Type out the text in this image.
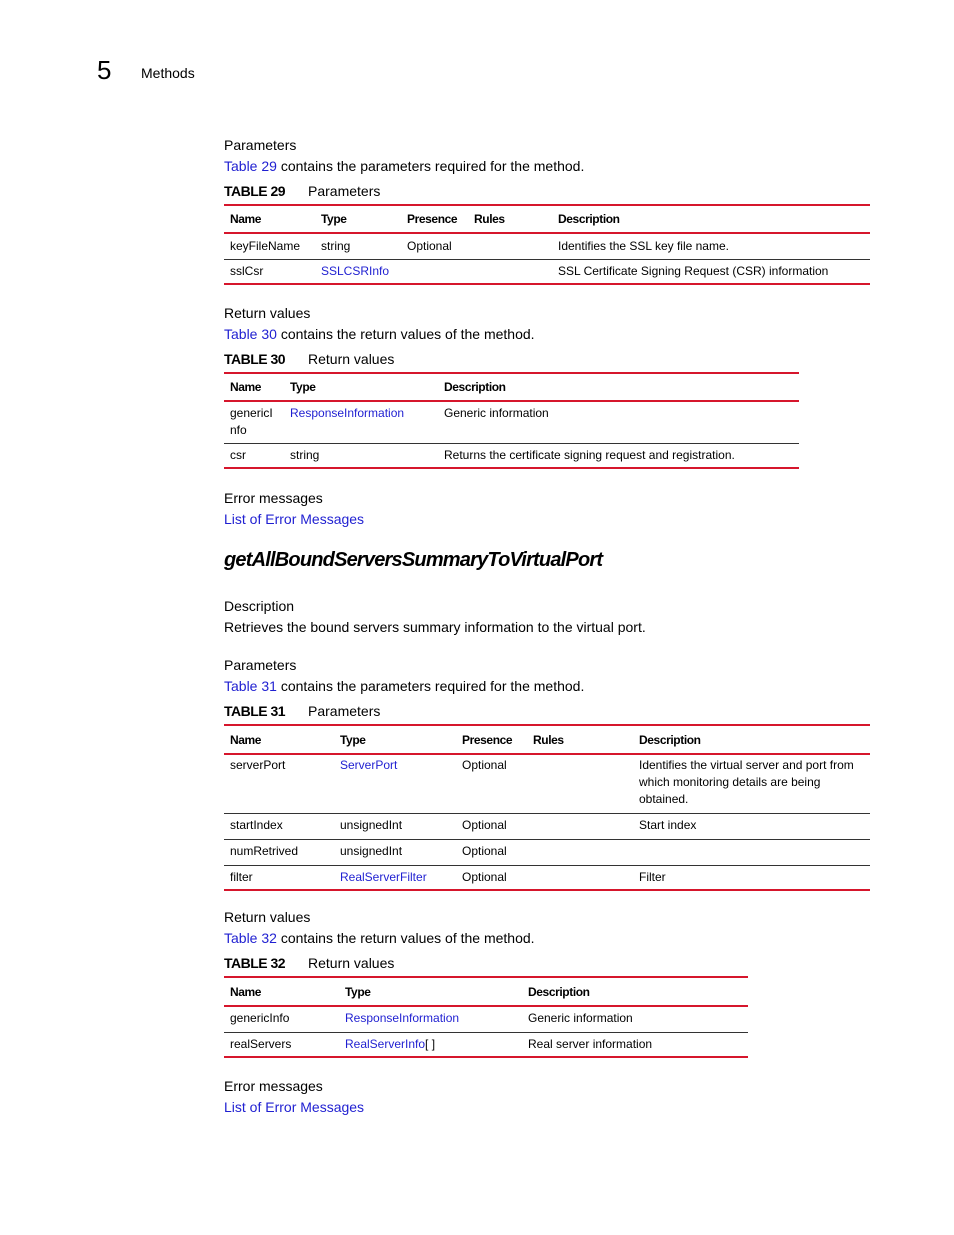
5 Methods
Parameters
Table 29 contains the parameters required for the method.
TABLE 29 Parameters
Name	Type	Presence	Rules	Description
keyFileName	string	Optional		Identifies the SSL key file name.
sslCsr	SSLCSRInfo			SSL Certificate Signing Request (CSR) information
Return values
Table 30 contains the return values of the method.
TABLE 30 Return values
Name	Type	Description
genericI nfo	ResponseInformation	Generic information
csr	string	Returns the certificate signing request and registration.
Error messages
List of Error Messages
getAllBoundServersSummaryToVirtualPort
Description
Retrieves the bound servers summary information to the virtual port.
Parameters
Table 31 contains the parameters required for the method.
TABLE 31 Parameters
Name	Type	Presence	Rules	Description
serverPort	ServerPort	Optional		Identifies the virtual server and port from which monitoring details are being obtained.
startIndex	unsignedInt	Optional		Start index
numRetrived	unsignedInt	Optional		
filter	RealServerFilter	Optional		Filter
Return values
Table 32 contains the return values of the method.
TABLE 32 Return values
Name	Type	Description
genericInfo	ResponseInformation	Generic information
realServers	RealServerInfo[ ]	Real server information
Error messages
List of Error Messages
